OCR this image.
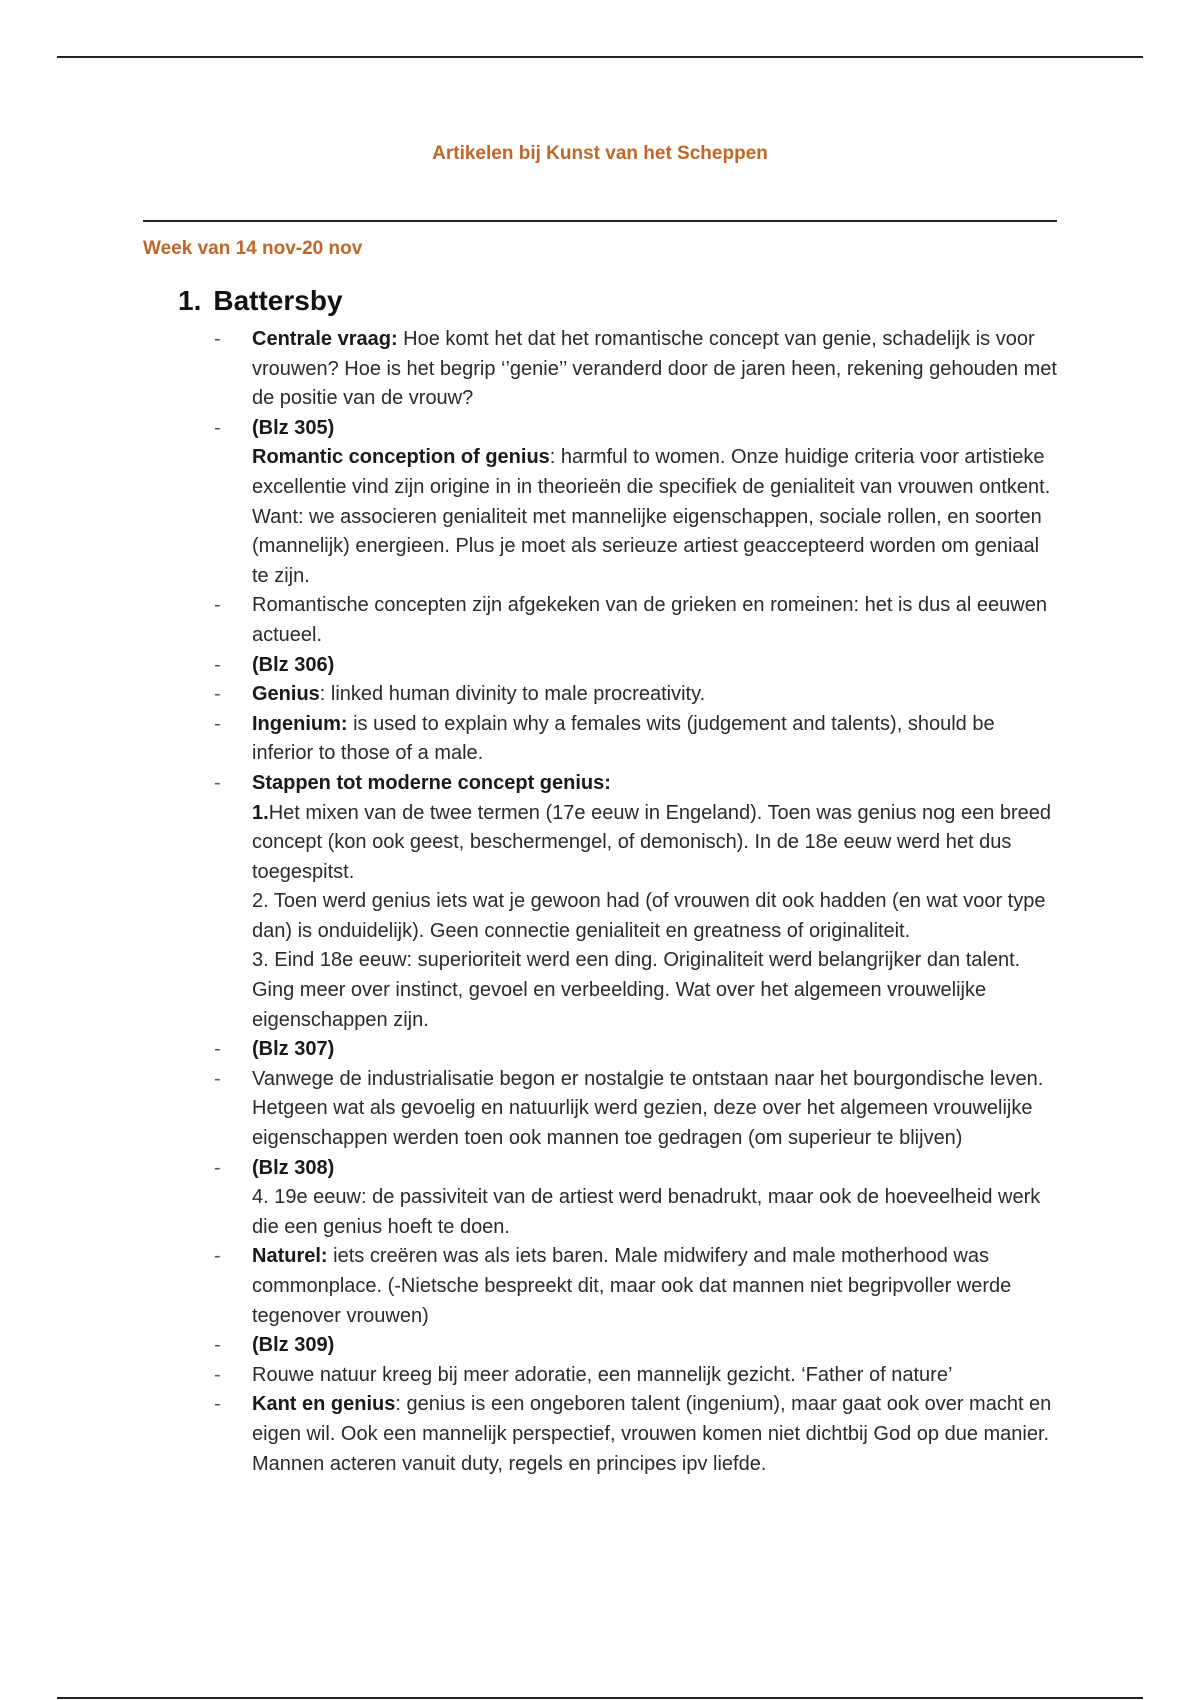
Artikelen bij Kunst van het Scheppen
Week van 14 nov-20 nov
1. Battersby
- Centrale vraag: Hoe komt het dat het romantische concept van genie, schadelijk is voor vrouwen? Hoe is het begrip ‘’genie’’ veranderd door de jaren heen, rekening gehouden met de positie van de vrouw?
- (Blz 305)
Romantic conception of genius: harmful to women. Onze huidige criteria voor artistieke excellentie vind zijn origine in in theorieën die specifiek de genialiteit van vrouwen ontkent. Want: we associeren genialiteit met mannelijke eigenschappen, sociale rollen, en soorten (mannelijk) energieen. Plus je moet als serieuze artiest geaccepteerd worden om geniaal te zijn.
- Romantische concepten zijn afgekeken van de grieken en romeinen: het is dus al eeuwen actueel.
- (Blz 306)
- Genius: linked human divinity to male procreativity.
- Ingenium: is used to explain why a females wits (judgement and talents), should be inferior to those of a male.
- Stappen tot moderne concept genius:
1.Het mixen van de twee termen (17e eeuw in Engeland). Toen was genius nog een breed concept (kon ook geest, beschermengel, of demonisch). In de 18e eeuw werd het dus toegespitst.
2. Toen werd genius iets wat je gewoon had (of vrouwen dit ook hadden (en wat voor type dan) is onduidelijk). Geen connectie genialiteit en greatness of originaliteit.
3. Eind 18e eeuw: superioriteit werd een ding. Originaliteit werd belangrijker dan talent. Ging meer over instinct, gevoel en verbeelding. Wat over het algemeen vrouwelijke eigenschappen zijn.
- (Blz 307)
- Vanwege de industrialisatie begon er nostalgie te ontstaan naar het bourgondische leven. Hetgeen wat als gevoelig en natuurlijk werd gezien, deze over het algemeen vrouwelijke eigenschappen werden toen ook mannen toe gedragen (om superieur te blijven)
- (Blz 308)
4. 19e eeuw: de passiviteit van de artiest werd benadrukt, maar ook de hoeveelheid werk die een genius hoeft te doen.
- Naturel: iets creëren was als iets baren. Male midwifery and male motherhood was commonplace. (-Nietsche bespreekt dit, maar ook dat mannen niet begripvoller werde tegenover vrouwen)
- (Blz 309)
- Rouwe natuur kreeg bij meer adoratie, een mannelijk gezicht. ‘Father of nature’
- Kant en genius: genius is een ongeboren talent (ingenium), maar gaat ook over macht en eigen wil. Ook een mannelijk perspectief, vrouwen komen niet dichtbij God op due manier. Mannen acteren vanuit duty, regels en principes ipv liefde.
